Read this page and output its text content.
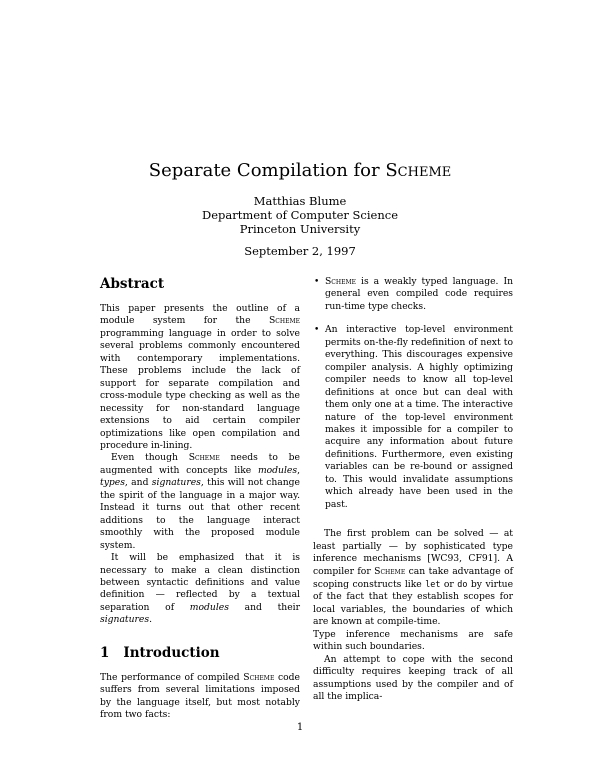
Separate Compilation for Scheme
Matthias Blume
Department of Computer Science
Princeton University
September 2, 1997
Abstract

This paper presents the outline of a module system for the Scheme programming language in order to solve several problems commonly encountered with contemporary implementations. These problems include the lack of support for separate compilation and cross-module type checking as well as the necessity for non-standard language extensions to aid certain compiler optimizations like open compilation and procedure in-lining.

Even though Scheme needs to be augmented with concepts like modules, types, and signatures, this will not change the spirit of the language in a major way. Instead it turns out that other recent additions to the language interact smoothly with the proposed module system.

It will be emphasized that it is necessary to make a clean distinction between syntactic definitions and value definition — reflected by a textual separation of modules and their signatures.

1 Introduction

The performance of compiled Scheme code suffers from several limitations imposed by the language itself, but most notably from two facts:

• Scheme is a weakly typed language. In general even compiled code requires run-time type checks.
• An interactive top-level environment permits on-the-fly redefinition of next to everything. This discourages expensive compiler analysis. A highly optimizing compiler needs to know all top-level definitions at once but can deal with them only one at a time. The interactive nature of the top-level environment makes it impossible for a compiler to acquire any information about future definitions. Furthermore, even existing variables can be re-bound or assigned to. This would invalidate assumptions which already have been used in the past.

The first problem can be solved — at least partially — by sophisticated type inference mechanisms [WC93, CF91]. A compiler for Scheme can take advantage of scoping constructs like let or do by virtue of the fact that they establish scopes for local variables, the boundaries of which are known at compile-time.

Type inference mechanisms are safe within such boundaries.

An attempt to cope with the second difficulty requires keeping track of all assumptions used by the compiler and of all the implica-

1
